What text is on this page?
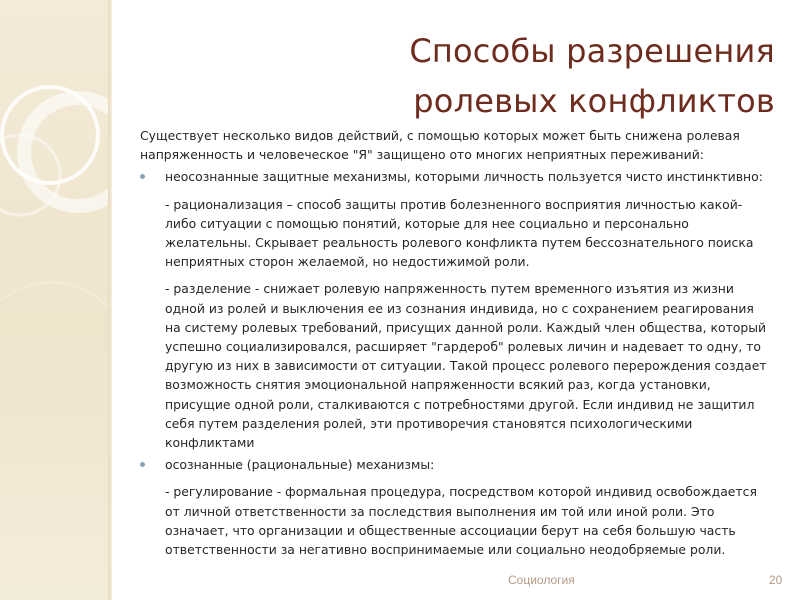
Способы разрешения
ролевых конфликтов

Существует несколько видов действий, с помощью которых может быть снижена ролевая напряженность и человеческое "Я" защищено ото многих неприятных переживаний:

неосознанные защитные механизмы, которыми личность пользуется чисто инстинктивно:

- рационализация – способ защиты против болезненного восприятия личностью какой-либо ситуации с помощью понятий, которые для нее социально и персонально желательны. Скрывает реальность ролевого конфликта путем бессознательного поиска неприятных сторон желаемой, но недостижимой роли.

- разделение - снижает ролевую напряженность путем временного изъятия из жизни одной из ролей и выключения ее из сознания индивида, но с сохранением реагирования на систему ролевых требований, присущих данной роли. Каждый член общества, который успешно социализировался, расширяет "гардероб" ролевых личин и надевает то одну, то другую из них в зависимости от ситуации. Такой процесс ролевого перерождения создает возможность снятия эмоциональной напряженности всякий раз, когда установки, присущие одной роли, сталкиваются с потребностями другой. Если индивид не защитил себя путем разделения ролей, эти противоречия становятся психологическими конфликтами

осознанные (рациональные) механизмы:

- регулирование - формальная процедура, посредством которой индивид освобождается от личной ответственности за последствия выполнения им той или иной роли. Это означает, что организации и общественные ассоциации берут на себя большую часть ответственности за негативно воспринимаемые или социально неодобряемые роли.

Социология	20
